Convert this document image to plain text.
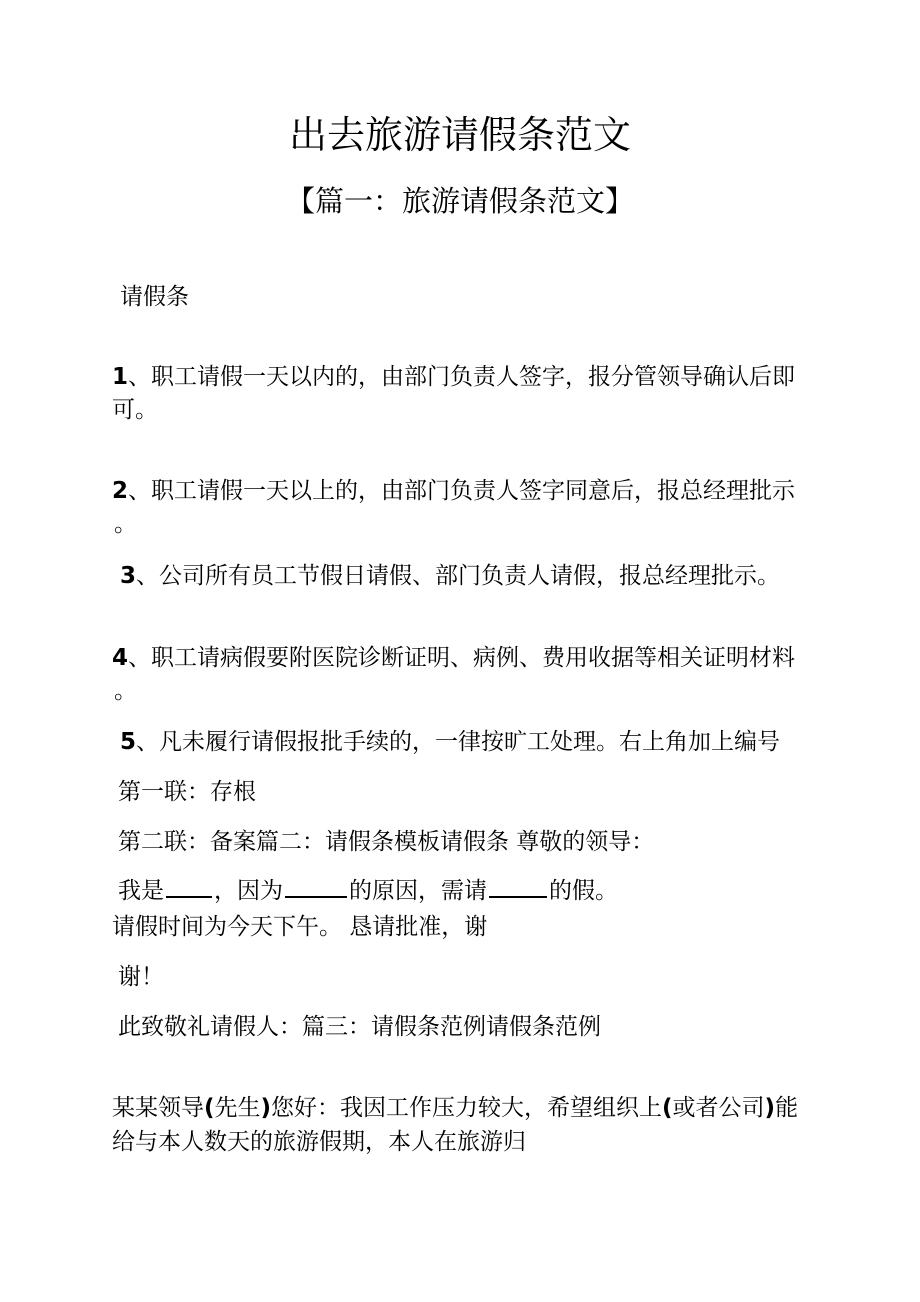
出去旅游请假条范文
【篇一：旅游请假条范文】
请假条
1、职工请假一天以内的，由部门负责人签字，报分管领导确认后即
可。
2、职工请假一天以上的，由部门负责人签字同意后，报总经理批示
。
3、公司所有员工节假日请假、部门负责人请假，报总经理批示。
4、职工请病假要附医院诊断证明、病例、费用收据等相关证明材料
。
5、凡未履行请假报批手续的，一律按旷工处理。右上角加上编号
第一联：存根
第二联：备案篇二：请假条模板请假条 尊敬的领导：
我是 ，因为	的原因，需请	的假。
请假时间为今天下午。 恳请批准，谢
谢！
此致敬礼请假人：篇三：请假条范例请假条范例
某某领导(先生)您好：我因工作压力较大，希望组织上(或者公司)能
给与本人数天的旅游假期，本人在旅游归
